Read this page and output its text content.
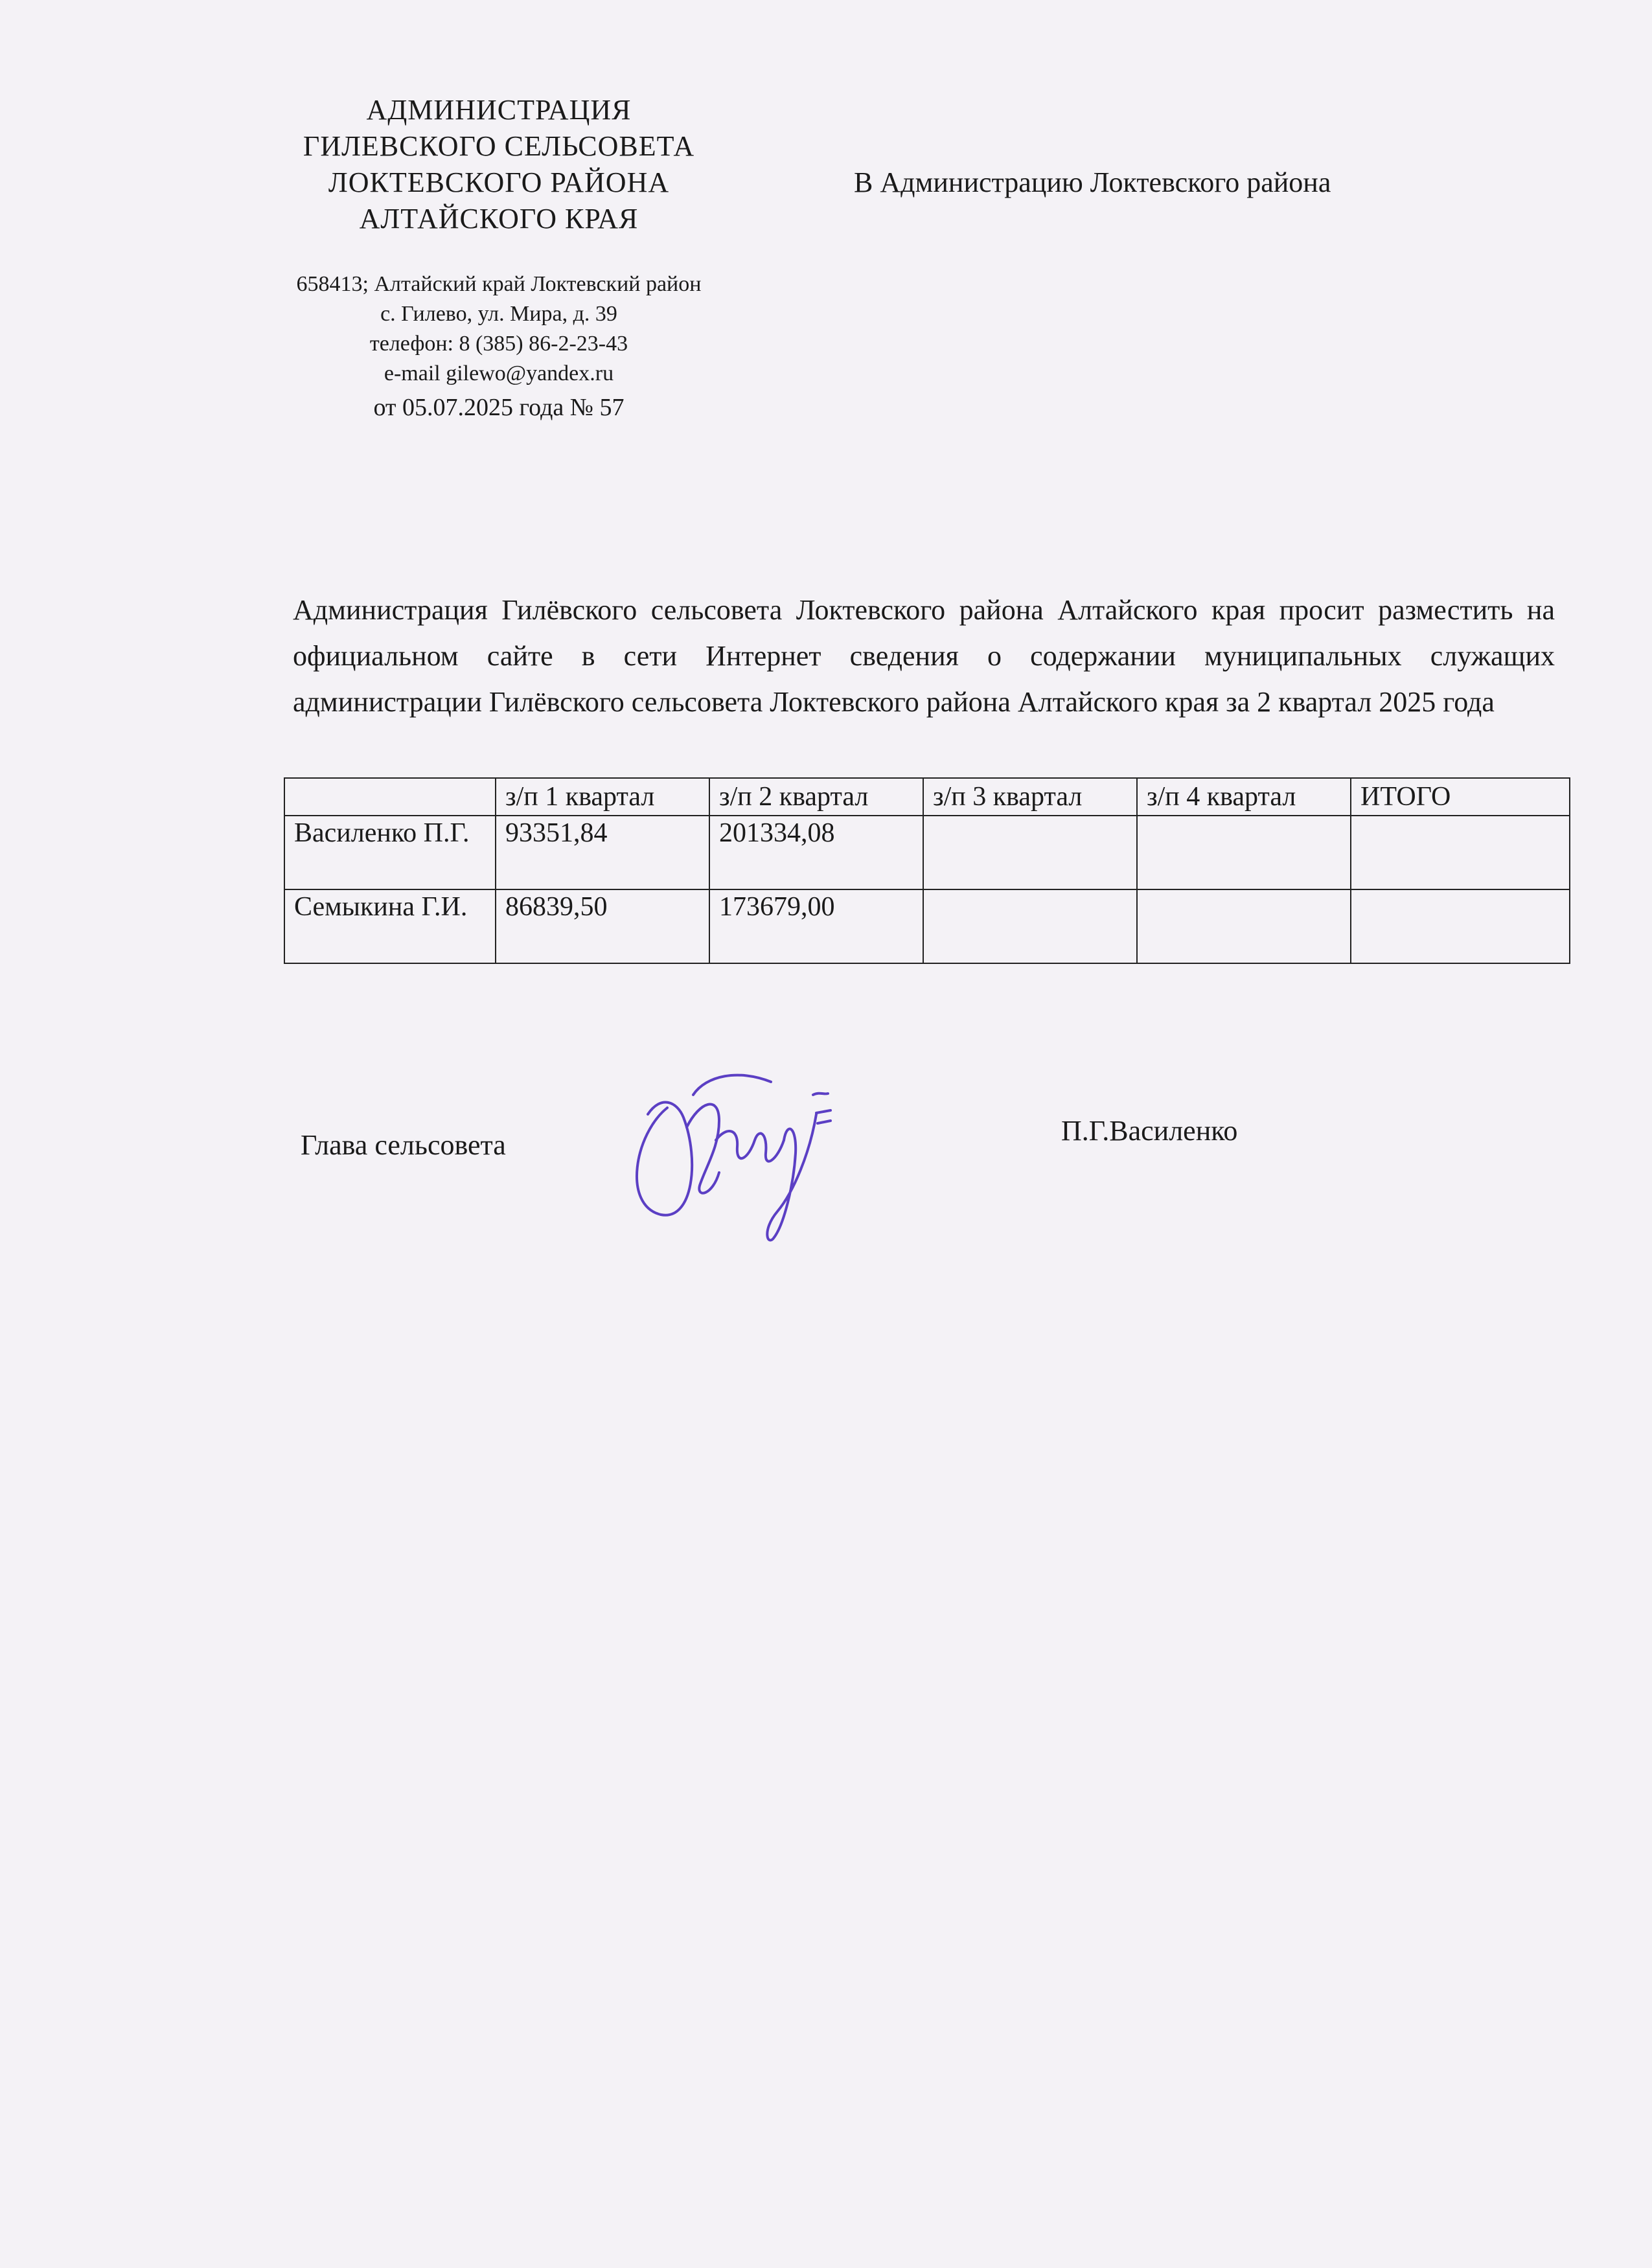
АДМИНИСТРАЦИЯ
ГИЛЕВСКОГО СЕЛЬСОВЕТА
ЛОКТЕВСКОГО РАЙОНА
АЛТАЙСКОГО КРАЯ
658413; Алтайский край Локтевский район
с. Гилево, ул. Мира, д. 39
телефон: 8 (385) 86-2-23-43
e-mail gilewo@yandex.ru
от 05.07.2025 года № 57
В Администрацию Локтевского района
Администрация Гилёвского сельсовета Локтевского района Алтайского края просит разместить на официальном сайте в сети Интернет сведения о содержании муниципальных служащих администрации Гилёвского сельсовета Локтевского района Алтайского края за 2 квартал 2025 года
	з/п 1 квартал	з/п 2 квартал	з/п 3 квартал	з/п 4 квартал	ИТОГО
Василенко П.Г.	93351,84	201334,08			
Семыкина Г.И.	86839,50	173679,00			
Глава сельсовета	П.Г.Василенко
